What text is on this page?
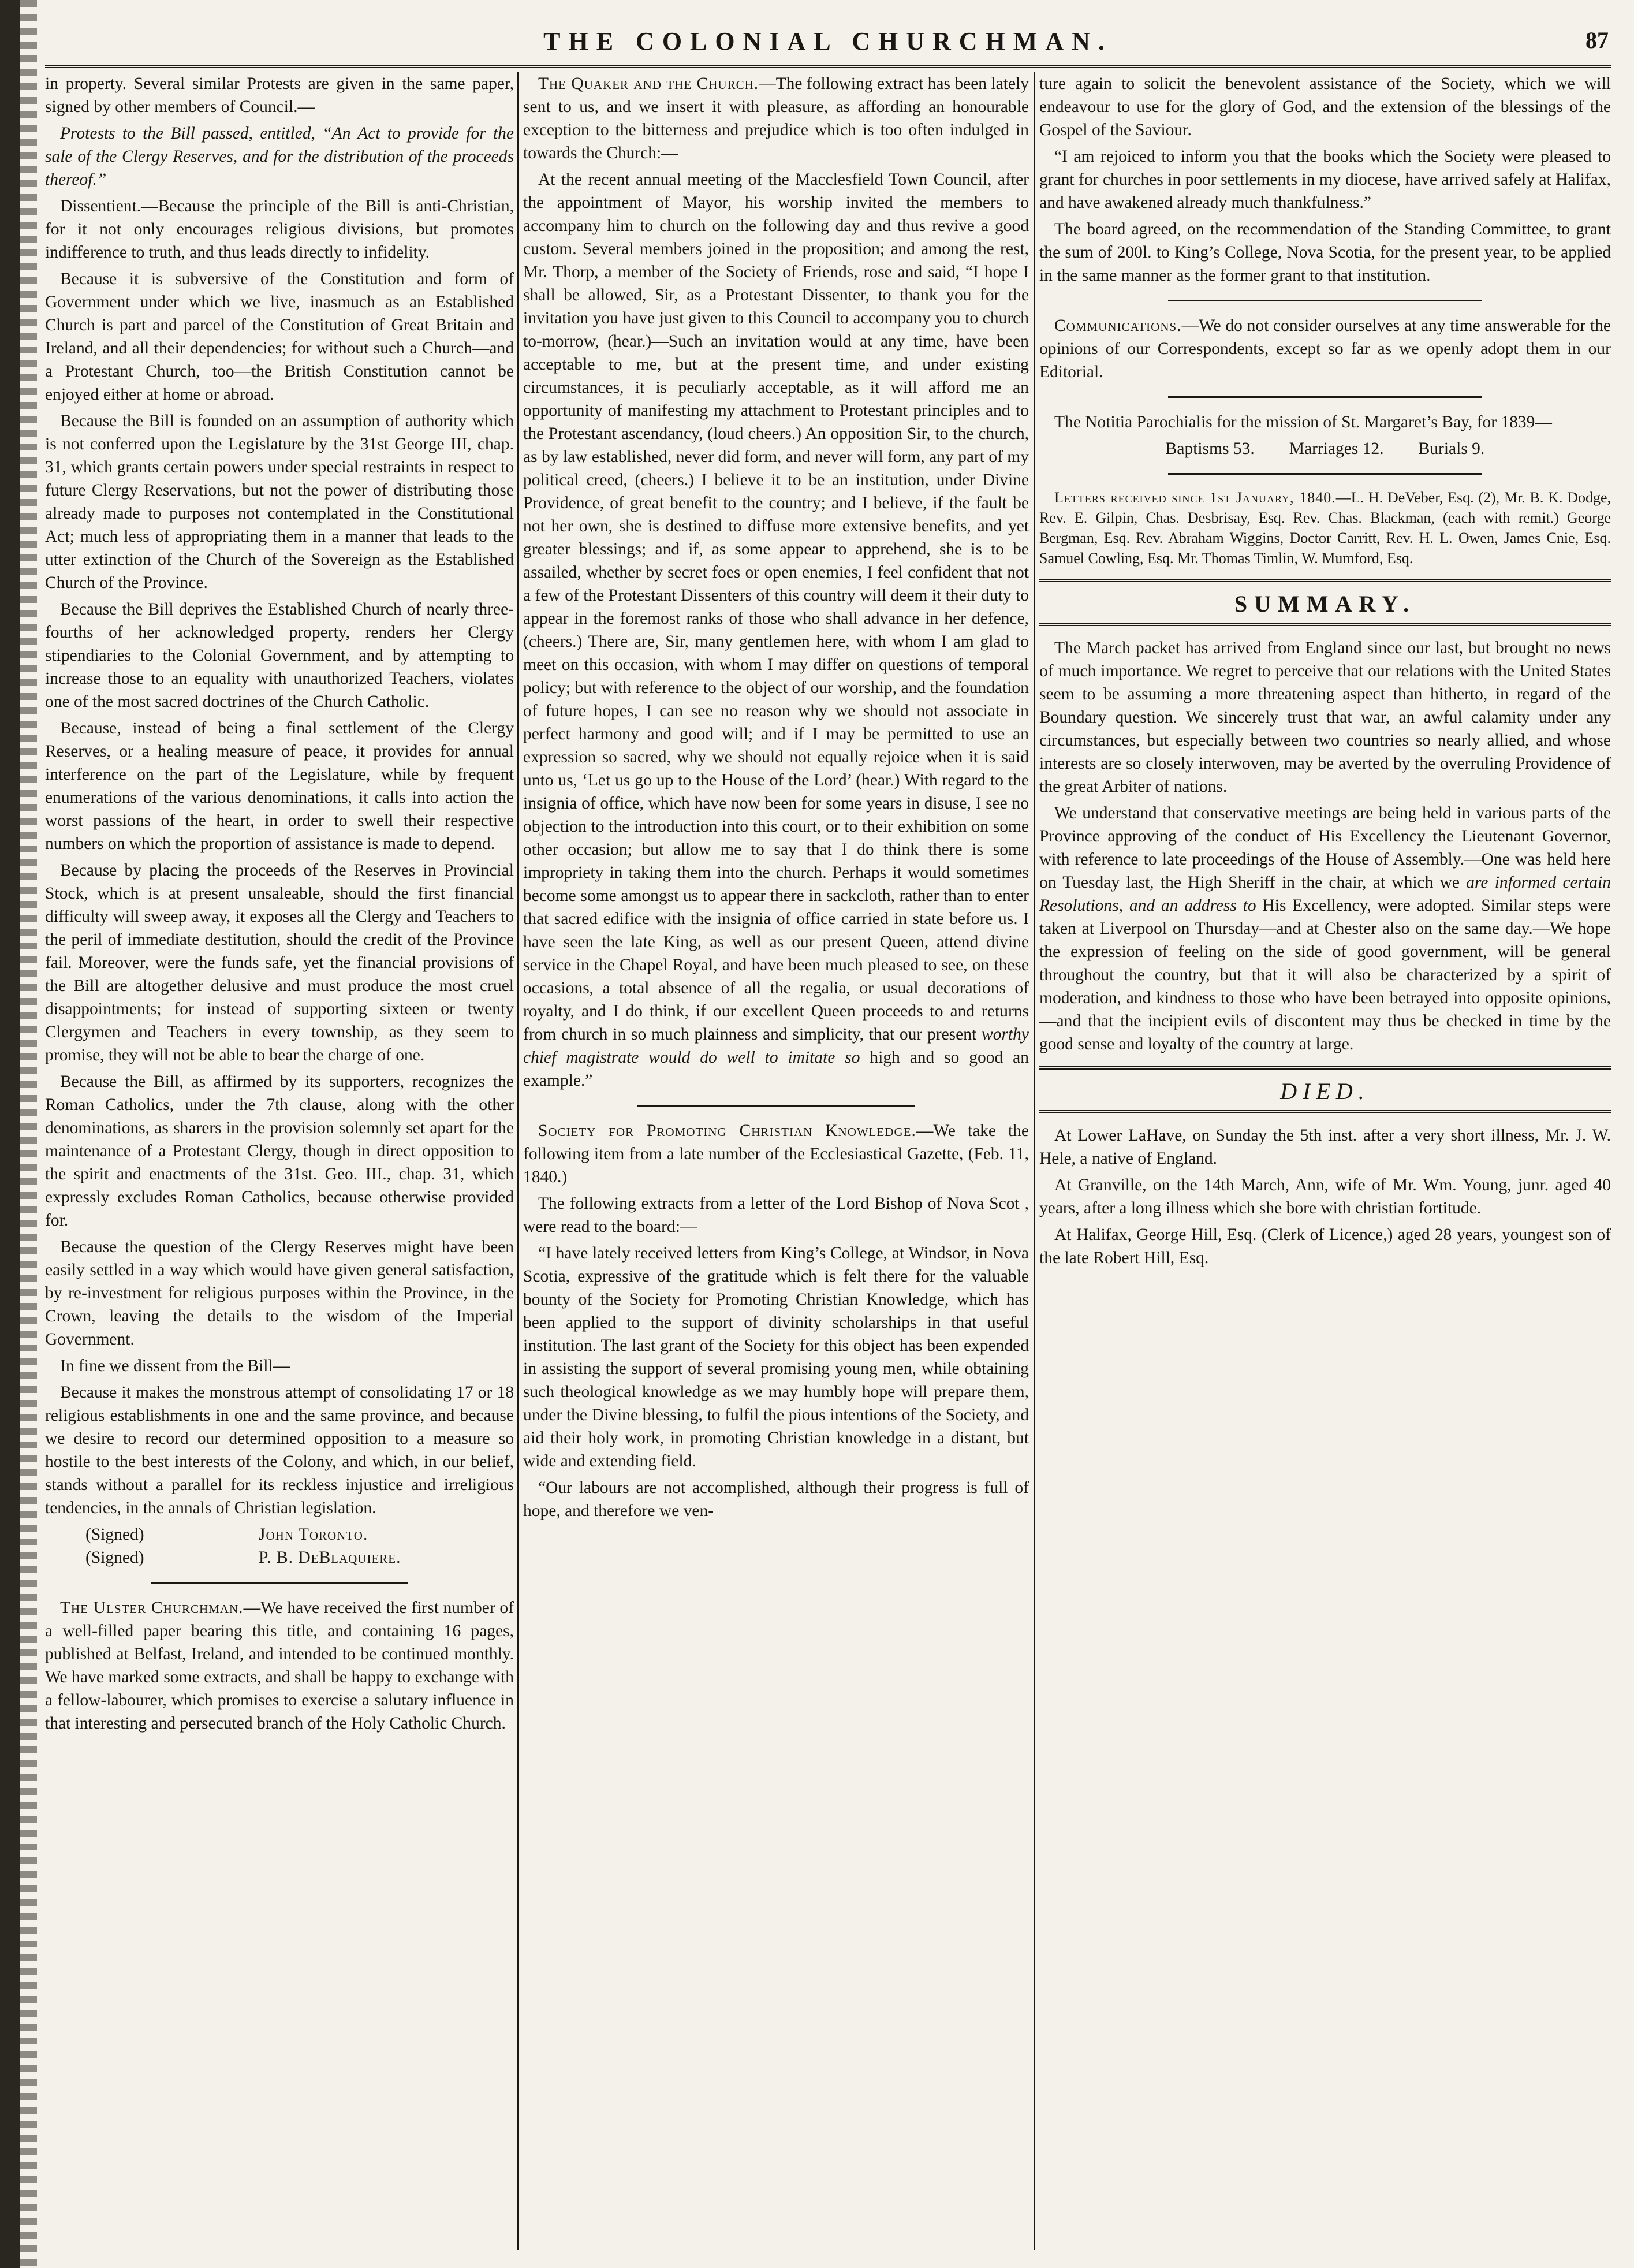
THE COLONIAL CHURCHMAN.	87

in property. Several similar Protests are given in the same paper, signed by other members of Council.—

Protests to the Bill passed, entitled, “An Act to provide for the sale of the Clergy Reserves, and for the distribution of the proceeds thereof.”

Dissentient.—Because the principle of the Bill is anti-Christian, for it not only encourages religious divisions, but promotes indifference to truth, and thus leads directly to infidelity.

Because it is subversive of the Constitution and form of Government under which we live, inasmuch as an Established Church is part and parcel of the Constitution of Great Britain and Ireland, and all their dependencies; for without such a Church—and a Protestant Church, too—the British Constitution cannot be enjoyed either at home or abroad.

Because the Bill is founded on an assumption of authority which is not conferred upon the Legislature by the 31st George III, chap. 31, which grants certain powers under special restraints in respect to future Clergy Reservations, but not the power of distributing those already made to purposes not contemplated in the Constitutional Act; much less of appropriating them in a manner that leads to the utter extinction of the Church of the Sovereign as the Established Church of the Province.

Because the Bill deprives the Established Church of nearly three-fourths of her acknowledged property, renders her Clergy stipendiaries to the Colonial Government, and by attempting to increase those to an equality with unauthorized Teachers, violates one of the most sacred doctrines of the Church Catholic.

Because, instead of being a final settlement of the Clergy Reserves, or a healing measure of peace, it provides for annual interference on the part of the Legislature, while by frequent enumerations of the various denominations, it calls into action the worst passions of the heart, in order to swell their respective numbers on which the proportion of assistance is made to depend.

Because by placing the proceeds of the Reserves in Provincial Stock, which is at present unsaleable, should the first financial difficulty will sweep away, it exposes all the Clergy and Teachers to the peril of immediate destitution, should the credit of the Province fail. Moreover, were the funds safe, yet the financial provisions of the Bill are altogether delusive and must produce the most cruel disappointments; for instead of supporting sixteen or twenty Clergymen and Teachers in every township, as they seem to promise, they will not be able to bear the charge of one.

Because the Bill, as affirmed by its supporters, recognizes the Roman Catholics, under the 7th clause, along with the other denominations, as sharers in the provision solemnly set apart for the maintenance of a Protestant Clergy, though in direct opposition to the spirit and enactments of the 31st. Geo. III., chap. 31, which expressly excludes Roman Catholics, because otherwise provided for.

Because the question of the Clergy Reserves might have been easily settled in a way which would have given general satisfaction, by re-investment for religious purposes within the Province, in the Crown, leaving the details to the wisdom of the Imperial Government.

In fine we dissent from the Bill—

Because it makes the monstrous attempt of consolidating 17 or 18 religious establishments in one and the same province, and because we desire to record our determined opposition to a measure so hostile to the best interests of the Colony, and which, in our belief, stands without a parallel for its reckless injustice and irreligious tendencies, in the annals of Christian legislation.

(Signed)	John Toronto.
(Signed)	P. B. DeBlaquiere.

The Ulster Churchman.—We have received the first number of a well-filled paper bearing this title, and containing 16 pages, published at Belfast, Ireland, and intended to be continued monthly. We have marked some extracts, and shall be happy to exchange with a fellow-labourer, which promises to exercise a salutary influence in that interesting and persecuted branch of the Holy Catholic Church.

The Quaker and the Church.—The following extract has been lately sent to us, and we insert it with pleasure, as affording an honourable exception to the bitterness and prejudice which is too often indulged in towards the Church:—

At the recent annual meeting of the Macclesfield Town Council, after the appointment of Mayor, his worship invited the members to accompany him to church on the following day and thus revive a good custom. Several members joined in the proposition; and among the rest, Mr. Thorp, a member of the Society of Friends, rose and said, “I hope I shall be allowed, Sir, as a Protestant Dissenter, to thank you for the invitation you have just given to this Council to accompany you to church to-morrow, (hear.)—Such an invitation would at any time, have been acceptable to me, but at the present time, and under existing circumstances, it is peculiarly acceptable, as it will afford me an opportunity of manifesting my attachment to Protestant principles and to the Protestant ascendancy, (loud cheers.) An opposition Sir, to the church, as by law established, never did form, and never will form, any part of my political creed, (cheers.) I believe it to be an institution, under Divine Providence, of great benefit to the country; and I believe, if the fault be not her own, she is destined to diffuse more extensive benefits, and yet greater blessings; and if, as some appear to apprehend, she is to be assailed, whether by secret foes or open enemies, I feel confident that not a few of the Protestant Dissenters of this country will deem it their duty to appear in the foremost ranks of those who shall advance in her defence, (cheers.) There are, Sir, many gentlemen here, with whom I am glad to meet on this occasion, with whom I may differ on questions of temporal policy; but with reference to the object of our worship, and the foundation of future hopes, I can see no reason why we should not associate in perfect harmony and good will; and if I may be permitted to use an expression so sacred, why we should not equally rejoice when it is said unto us, ‘Let us go up to the House of the Lord’ (hear.) With regard to the insignia of office, which have now been for some years in disuse, I see no objection to the introduction into this court, or to their exhibition on some other occasion; but allow me to say that I do think there is some impropriety in taking them into the church. Perhaps it would sometimes become some amongst us to appear there in sackcloth, rather than to enter that sacred edifice with the insignia of office carried in state before us. I have seen the late King, as well as our present Queen, attend divine service in the Chapel Royal, and have been much pleased to see, on these occasions, a total absence of all the regalia, or usual decorations of royalty, and I do think, if our excellent Queen proceeds to and returns from church in so much plainness and simplicity, that our present worthy chief magistrate would do well to imitate so high and so good an example.”

Society for Promoting Christian Knowledge.—We take the following item from a late number of the Ecclesiastical Gazette, (Feb. 11, 1840.)

The following extracts from a letter of the Lord Bishop of Nova Scot , were read to the board:—

“I have lately received letters from King’s College, at Windsor, in Nova Scotia, expressive of the gratitude which is felt there for the valuable bounty of the Society for Promoting Christian Knowledge, which has been applied to the support of divinity scholarships in that useful institution. The last grant of the Society for this object has been expended in assisting the support of several promising young men, while obtaining such theological knowledge as we may humbly hope will prepare them, under the Divine blessing, to fulfil the pious intentions of the Society, and aid their holy work, in promoting Christian knowledge in a distant, but wide and extending field.

“Our labours are not accomplished, although their progress is full of hope, and therefore we ven-

ture again to solicit the benevolent assistance of the Society, which we will endeavour to use for the glory of God, and the extension of the blessings of the Gospel of the Saviour.

“I am rejoiced to inform you that the books which the Society were pleased to grant for churches in poor settlements in my diocese, have arrived safely at Halifax, and have awakened already much thankfulness.”

The board agreed, on the recommendation of the Standing Committee, to grant the sum of 200l. to King’s College, Nova Scotia, for the present year, to be applied in the same manner as the former grant to that institution.

Communications.—We do not consider ourselves at any time answerable for the opinions of our Correspondents, except so far as we openly adopt them in our Editorial.

The Notitia Parochialis for the mission of St. Margaret’s Bay, for 1839—

Baptisms 53. Marriages 12. Burials 9.

Letters received since 1st January, 1840.—L. H. DeVeber, Esq. (2), Mr. B. K. Dodge, Rev. E. Gilpin, Chas. Desbrisay, Esq. Rev. Chas. Blackman, (each with remit.) George Bergman, Esq. Rev. Abraham Wiggins, Doctor Carritt, Rev. H. L. Owen, James Cnie, Esq. Samuel Cowling, Esq. Mr. Thomas Timlin, W. Mumford, Esq.

SUMMARY.

The March packet has arrived from England since our last, but brought no news of much importance. We regret to perceive that our relations with the United States seem to be assuming a more threatening aspect than hitherto, in regard of the Boundary question. We sincerely trust that war, an awful calamity under any circumstances, but especially between two countries so nearly allied, and whose interests are so closely interwoven, may be averted by the overruling Providence of the great Arbiter of nations.

We understand that conservative meetings are being held in various parts of the Province approving of the conduct of His Excellency the Lieutenant Governor, with reference to late proceedings of the House of Assembly.—One was held here on Tuesday last, the High Sheriff in the chair, at which we are informed certain Resolutions, and an address to His Excellency, were adopted. Similar steps were taken at Liverpool on Thursday—and at Chester also on the same day.—We hope the expression of feeling on the side of good government, will be general throughout the country, but that it will also be characterized by a spirit of moderation, and kindness to those who have been betrayed into opposite opinions,—and that the incipient evils of discontent may thus be checked in time by the good sense and loyalty of the country at large.

DIED.

At Lower LaHave, on Sunday the 5th inst. after a very short illness, Mr. J. W. Hele, a native of England.

At Granville, on the 14th March, Ann, wife of Mr. Wm. Young, junr. aged 40 years, after a long illness which she bore with christian fortitude.

At Halifax, George Hill, Esq. (Clerk of Licence,) aged 28 years, youngest son of the late Robert Hill, Esq.
